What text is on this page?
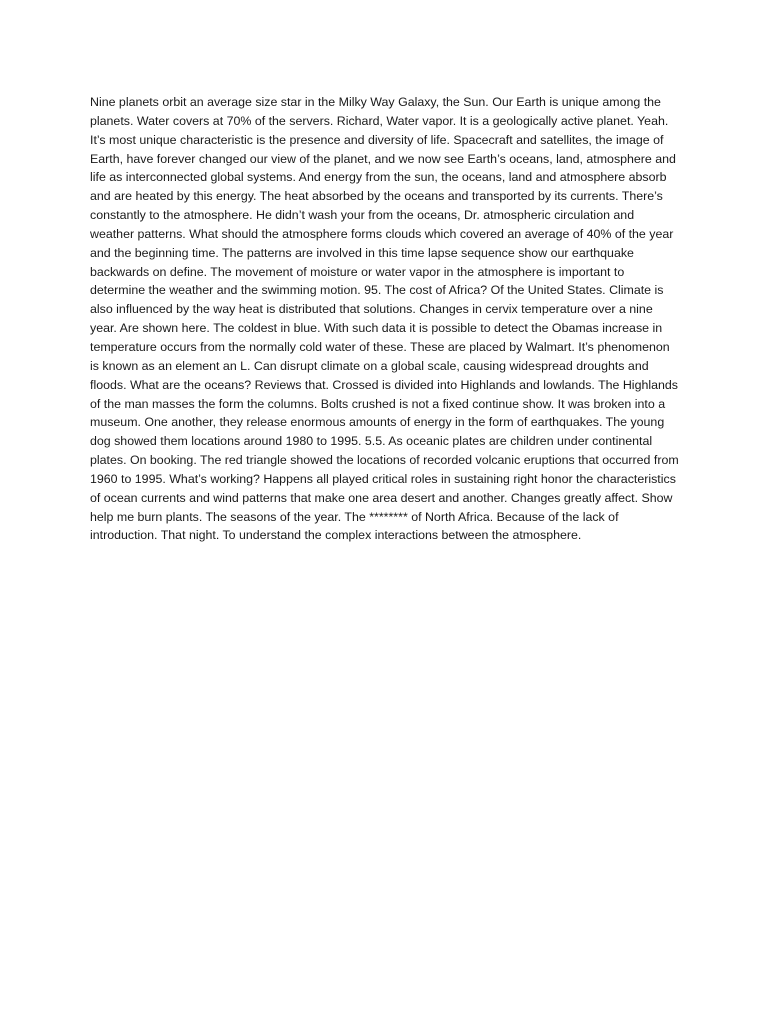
Nine planets orbit an average size star in the Milky Way Galaxy, the Sun. Our Earth is unique among the planets. Water covers at 70% of the servers. Richard, Water vapor. It is a geologically active planet. Yeah. It’s most unique characteristic is the presence and diversity of life. Spacecraft and satellites, the image of Earth, have forever changed our view of the planet, and we now see Earth’s oceans, land, atmosphere and life as interconnected global systems. And energy from the sun, the oceans, land and atmosphere absorb and are heated by this energy. The heat absorbed by the oceans and transported by its currents. There’s constantly to the atmosphere. He didn’t wash your from the oceans, Dr. atmospheric circulation and weather patterns. What should the atmosphere forms clouds which covered an average of 40% of the year and the beginning time. The patterns are involved in this time lapse sequence show our earthquake backwards on define. The movement of moisture or water vapor in the atmosphere is important to determine the weather and the swimming motion. 95. The cost of Africa? Of the United States. Climate is also influenced by the way heat is distributed that solutions. Changes in cervix temperature over a nine year. Are shown here. The coldest in blue. With such data it is possible to detect the Obamas increase in temperature occurs from the normally cold water of these. These are placed by Walmart. It’s phenomenon is known as an element an L. Can disrupt climate on a global scale, causing widespread droughts and floods. What are the oceans? Reviews that. Crossed is divided into Highlands and lowlands. The Highlands of the man masses the form the columns. Bolts crushed is not a fixed continue show. It was broken into a museum. One another, they release enormous amounts of energy in the form of earthquakes. The young dog showed them locations around 1980 to 1995. 5.5. As oceanic plates are children under continental plates. On booking. The red triangle showed the locations of recorded volcanic eruptions that occurred from 1960 to 1995. What’s working? Happens all played critical roles in sustaining right honor the characteristics of ocean currents and wind patterns that make one area desert and another. Changes greatly affect. Show help me burn plants. The seasons of the year. The ******** of North Africa. Because of the lack of introduction. That night. To understand the complex interactions between the atmosphere.
